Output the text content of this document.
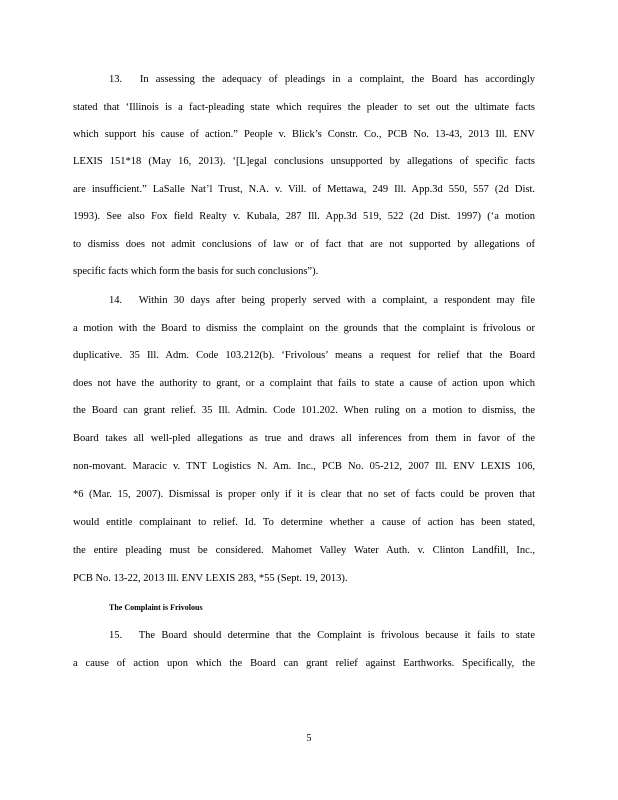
13.  In assessing the adequacy of pleadings in a complaint, the Board has accordingly
stated that ‘Illinois is a fact-pleading state which requires the pleader to set out the ultimate facts
which support his cause of action.” People v. Blick’s Constr. Co., PCB No. 13-43, 2013 Ill. ENV
LEXIS 151*18 (May 16, 2013). ‘[L]egal conclusions unsupported by allegations of specific facts
are insufficient.” LaSalle Nat’l Trust, N.A. v. Vill. of Mettawa, 249 Ill. App.3d 550, 557 (2d Dist.
1993). See also Fox field Realty v. Kubala, 287 Ill. App.3d 519, 522 (2d Dist. 1997) (‘a motion
to dismiss does not admit conclusions of law or of fact that are not supported by allegations of
specific facts which form the basis for such conclusions”).
14.  Within 30 days after being properly served with a complaint, a respondent may file
a motion with the Board to dismiss the complaint on the grounds that the complaint is frivolous or
duplicative. 35 Ill. Adm. Code 103.212(b). ‘Frivolous’ means a request for relief that the Board
does not have the authority to grant, or a complaint that fails to state a cause of action upon which
the Board can grant relief. 35 Ill. Admin. Code 101.202. When ruling on a motion to dismiss, the
Board takes all well-pled allegations as true and draws all inferences from them in favor of the
non-movant. Maracic v. TNT Logistics N. Am. Inc., PCB No. 05-212, 2007 Ill. ENV LEXIS 106,
*6 (Mar. 15, 2007). Dismissal is proper only if it is clear that no set of facts could be proven that
would entitle complainant to relief. Id. To determine whether a cause of action has been stated,
the entire pleading must be considered. Mahomet Valley Water Auth. v. Clinton Landfill, Inc.,
PCB No. 13-22, 2013 Ill. ENV LEXIS 283, *55 (Sept. 19, 2013).
The Complaint is Frivolous
15.  The Board should determine that the Complaint is frivolous because it fails to state
a cause of action upon which the Board can grant relief against Earthworks. Specifically, the
5
